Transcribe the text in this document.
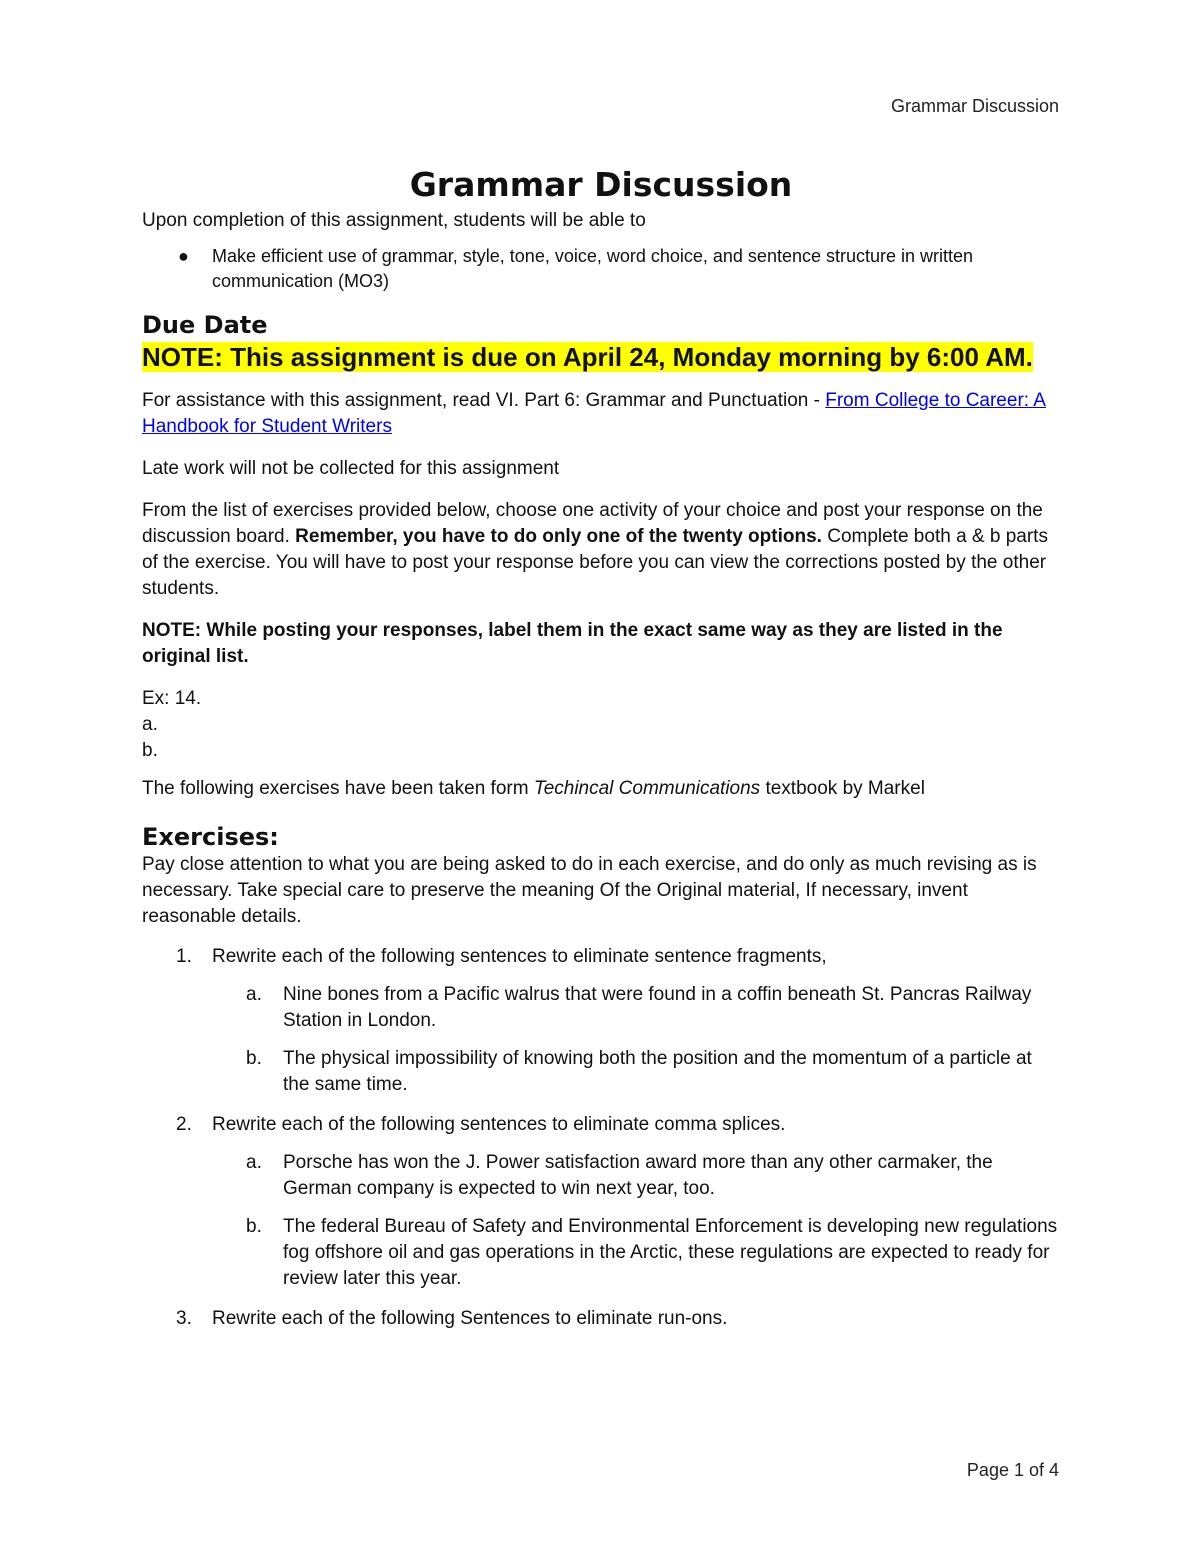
Grammar Discussion
Grammar Discussion

Upon completion of this assignment, students will be able to

● Make efficient use of grammar, style, tone, voice, word choice, and sentence structure in written communication (MO3)
Due Date

NOTE: This assignment is due on April 24, Monday morning by 6:00 AM.

For assistance with this assignment, read VI. Part 6: Grammar and Punctuation - From College to Career: A Handbook for Student Writers

Late work will not be collected for this assignment

From the list of exercises provided below, choose one activity of your choice and post your response on the discussion board. Remember, you have to do only one of the twenty options. Complete both a & b parts of the exercise. You will have to post your response before you can view the corrections posted by the other students.

NOTE: While posting your responses, label them in the exact same way as they are listed in the original list.

Ex: 14.

a.

b.

The following exercises have been taken form Techincal Communications textbook by Markel

Exercises:

Pay close attention to what you are being asked to do in each exercise, and do only as much revising as is necessary. Take special care to preserve the meaning Of the Original material, If necessary, invent reasonable details.

1. Rewrite each of the following sentences to eliminate sentence fragments,
a. Nine bones from a Pacific walrus that were found in a coffin beneath St. Pancras Railway Station in London.
b. The physical impossibility of knowing both the position and the momentum of a particle at the same time.
2. Rewrite each of the following sentences to eliminate comma splices.
a. Porsche has won the J. Power satisfaction award more than any other carmaker, the German company is expected to win next year, too.
b. The federal Bureau of Safety and Environmental Enforcement is developing new regulations fog offshore oil and gas operations in the Arctic, these regulations are expected to ready for review later this year.
3. Rewrite each of the following Sentences to eliminate run-ons.
Page 1 of 4
